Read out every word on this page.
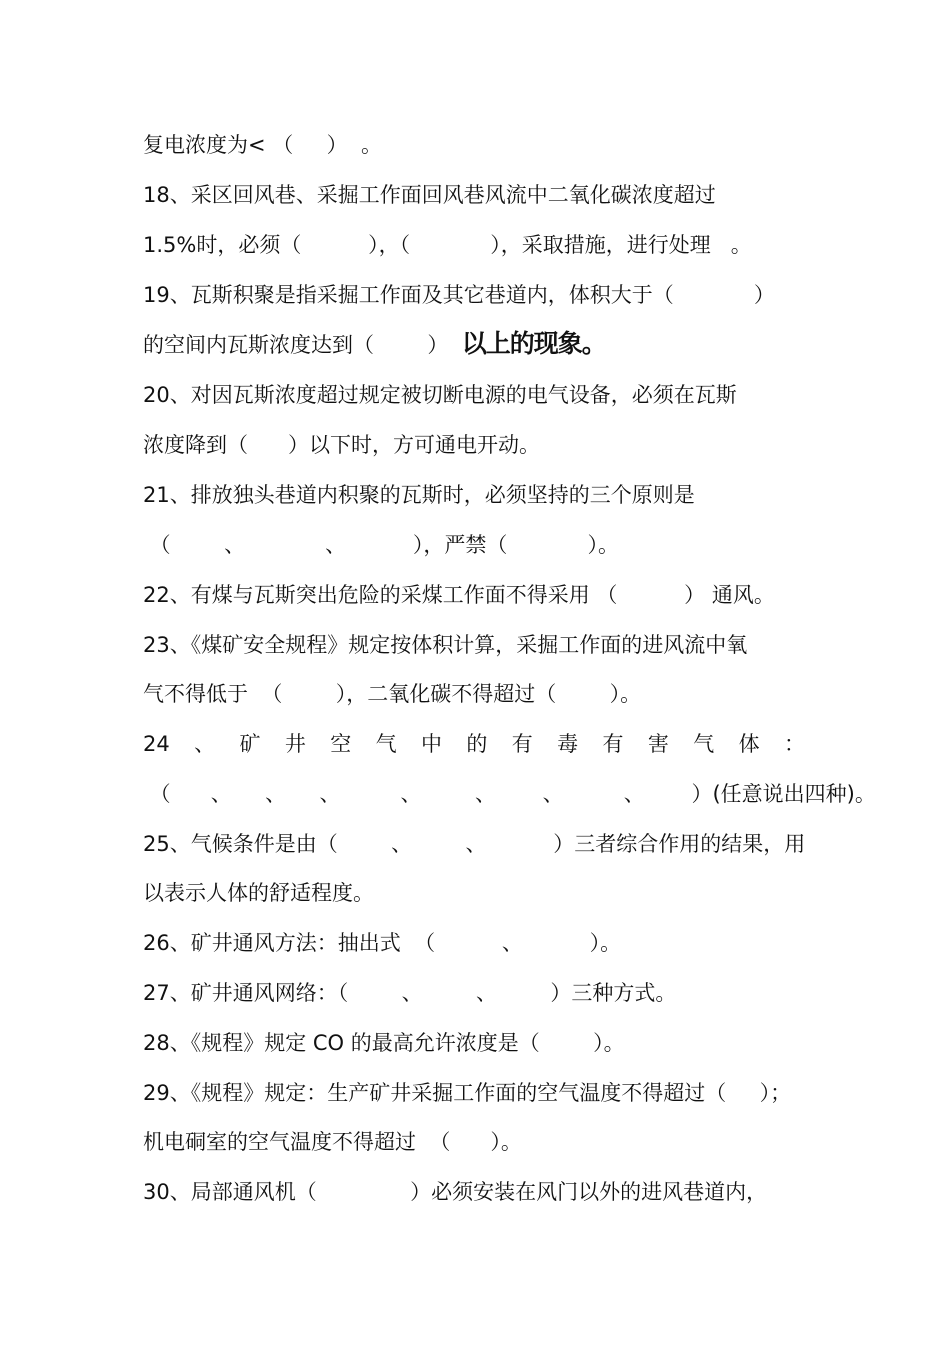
复电浓度为< （     ）  。
18、采区回风巷、采掘工作面回风巷风流中二氧化碳浓度超过
1.5%时，必须（          ），（            ），采取措施，进行处理   。
19、瓦斯积聚是指采掘工作面及其它巷道内，体积大于（            ）
的空间内瓦斯浓度达到（        ）  以上的现象。
20、对因瓦斯浓度超过规定被切断电源的电气设备，必须在瓦斯
浓度降到（      ）以下时，方可通电开动。
21、排放独头巷道内积聚的瓦斯时，必须坚持的三个原则是
（        、            、          ），严禁（            ）。
22、有煤与瓦斯突出危险的采煤工作面不得采用 （          ） 通风。
23、《煤矿安全规程》规定按体积计算，采掘工作面的进风流中氧
气不得低于  （        ），二氧化碳不得超过（        ）。
24 、 矿 井 空 气 中 的 有 毒 有 害 气 体 ：
（      、     、     、         、        、       、         、       ）(任意说出四种)。
25、气候条件是由（        、        、          ）三者综合作用的结果，用
以表示人体的舒适程度。
26、矿井通风方法：抽出式  （          、          ）。
27、矿井通风网络：（        、        、        ）三种方式。
28、《规程》规定 CO 的最高允许浓度是（        ）。
29、《规程》规定：生产矿井采掘工作面的空气温度不得超过（     ）；
机电硐室的空气温度不得超过  （      ）。
30、局部通风机（              ）必须安装在风门以外的进风巷道内，
